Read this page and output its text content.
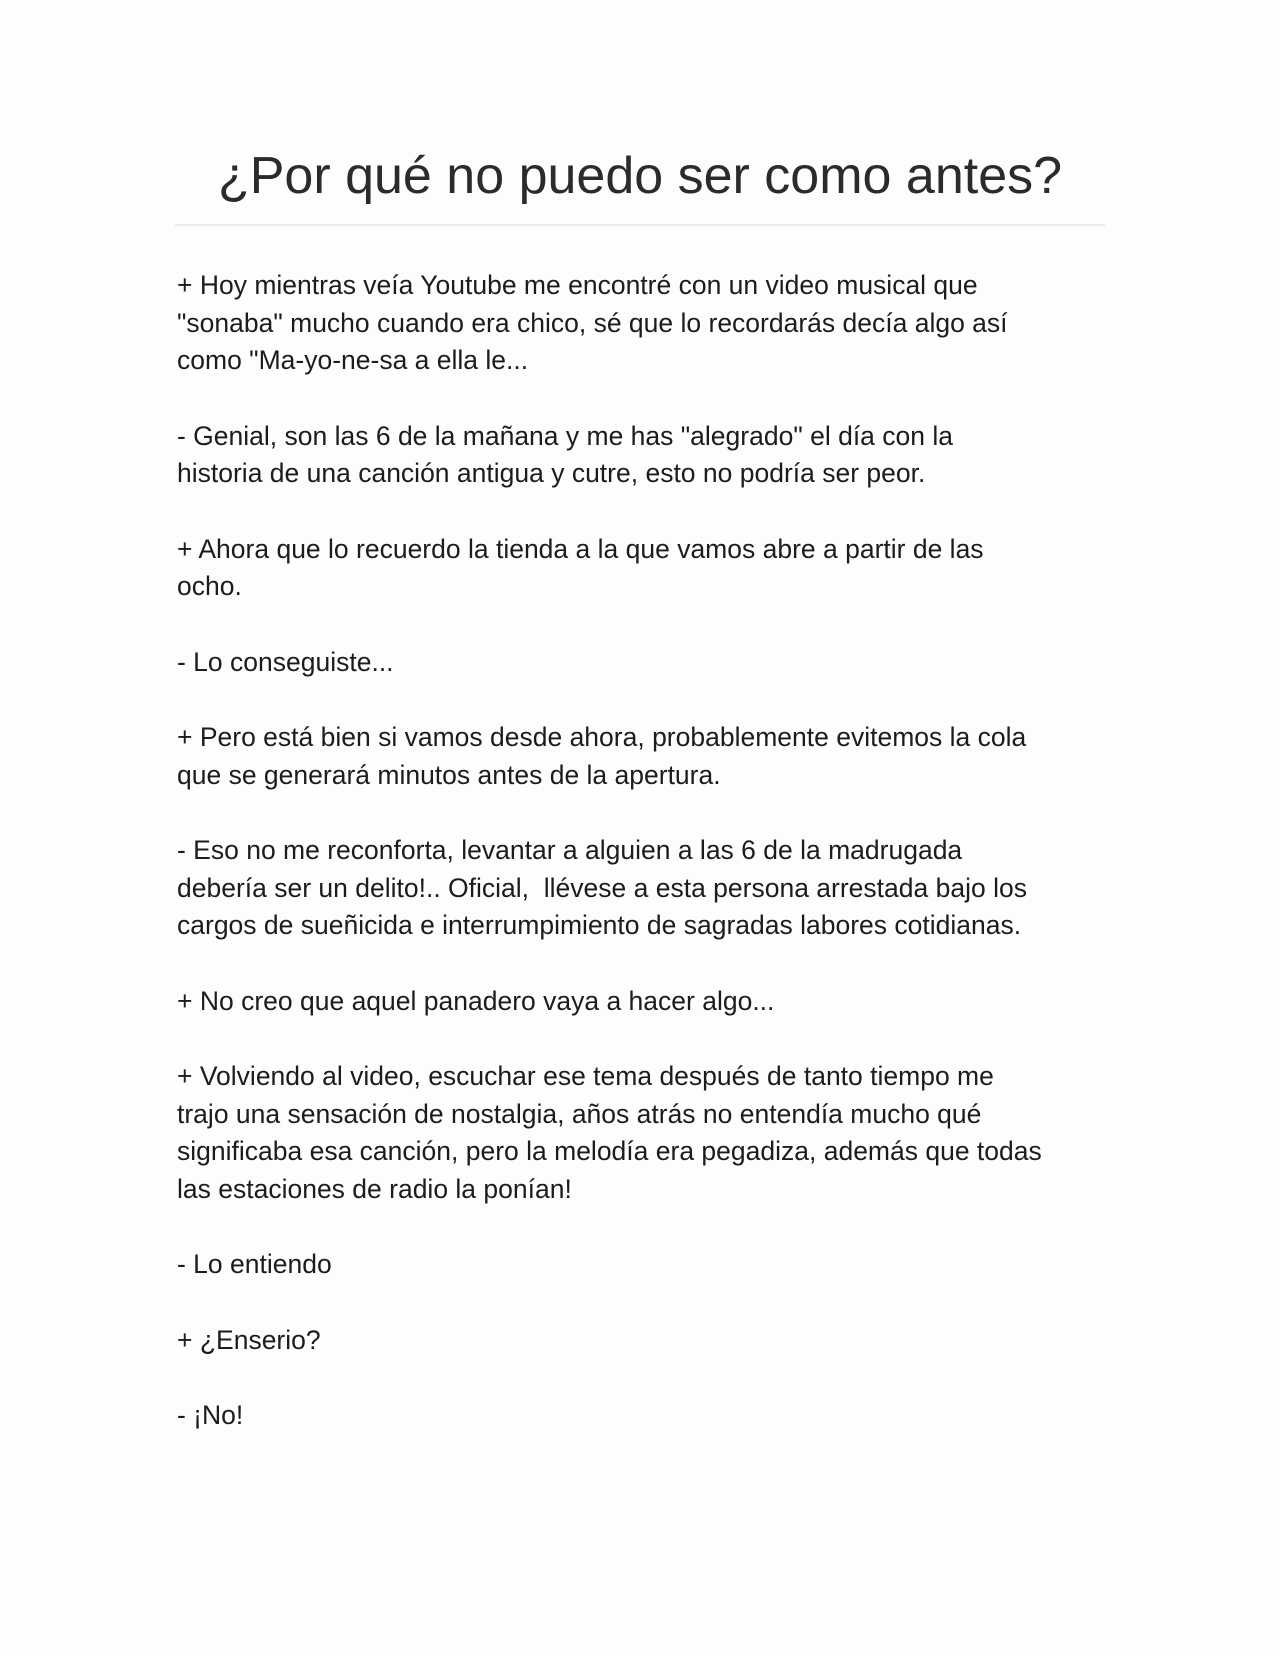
¿Por qué no puedo ser como antes?

+ Hoy mientras veía Youtube me encontré con un video musical que
"sonaba" mucho cuando era chico, sé que lo recordarás decía algo así
como "Ma-yo-ne-sa a ella le...

- Genial, son las 6 de la mañana y me has "alegrado" el día con la
historia de una canción antigua y cutre, esto no podría ser peor.

+ Ahora que lo recuerdo la tienda a la que vamos abre a partir de las
ocho.

- Lo conseguiste...

+ Pero está bien si vamos desde ahora, probablemente evitemos la cola
que se generará minutos antes de la apertura.

- Eso no me reconforta, levantar a alguien a las 6 de la madrugada
debería ser un delito!.. Oficial,  llévese a esta persona arrestada bajo los
cargos de sueñicida e interrumpimiento de sagradas labores cotidianas.

+ No creo que aquel panadero vaya a hacer algo...

+ Volviendo al video, escuchar ese tema después de tanto tiempo me
trajo una sensación de nostalgia, años atrás no entendía mucho qué
significaba esa canción, pero la melodía era pegadiza, además que todas
las estaciones de radio la ponían!

- Lo entiendo

+ ¿Enserio?

- ¡No!
